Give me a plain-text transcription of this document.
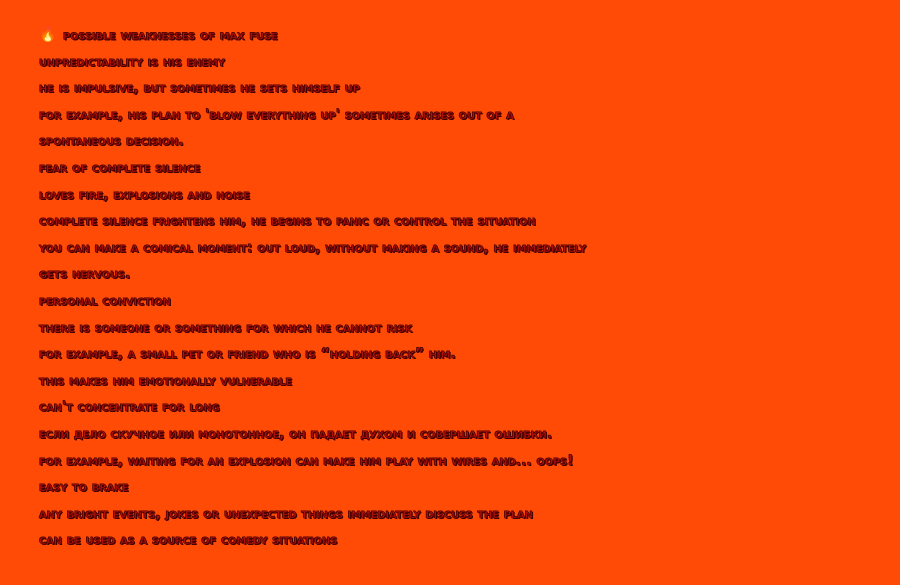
🔥 possible weaknesses of max fuse
unpredictability is his enemy
he is impulsive, but sometimes he sets himself up
for example, his plan to 'blow everything up' sometimes arises out of a
spontaneous decision.
fear of complete silence
loves fire, explosions and noise
complete silence frightens him, he begins to panic or control the situation
you can make a comical moment: out loud, without making a sound, he immediately
gets nervous.
personal conviction
there is someone or something for which he cannot risk
for example, a small pet or friend who is “holding back” him.
this makes him emotionally vulnerable
can't concentrate for long
если дело скучное или монотонное, он падает духом и совершает ошибки.
for example, waiting for an explosion can make him play with wires and... oops!
easy to brake
any bright events, jokes or unexpected things immediately discuss the plan
can be used as a source of comedy situations
